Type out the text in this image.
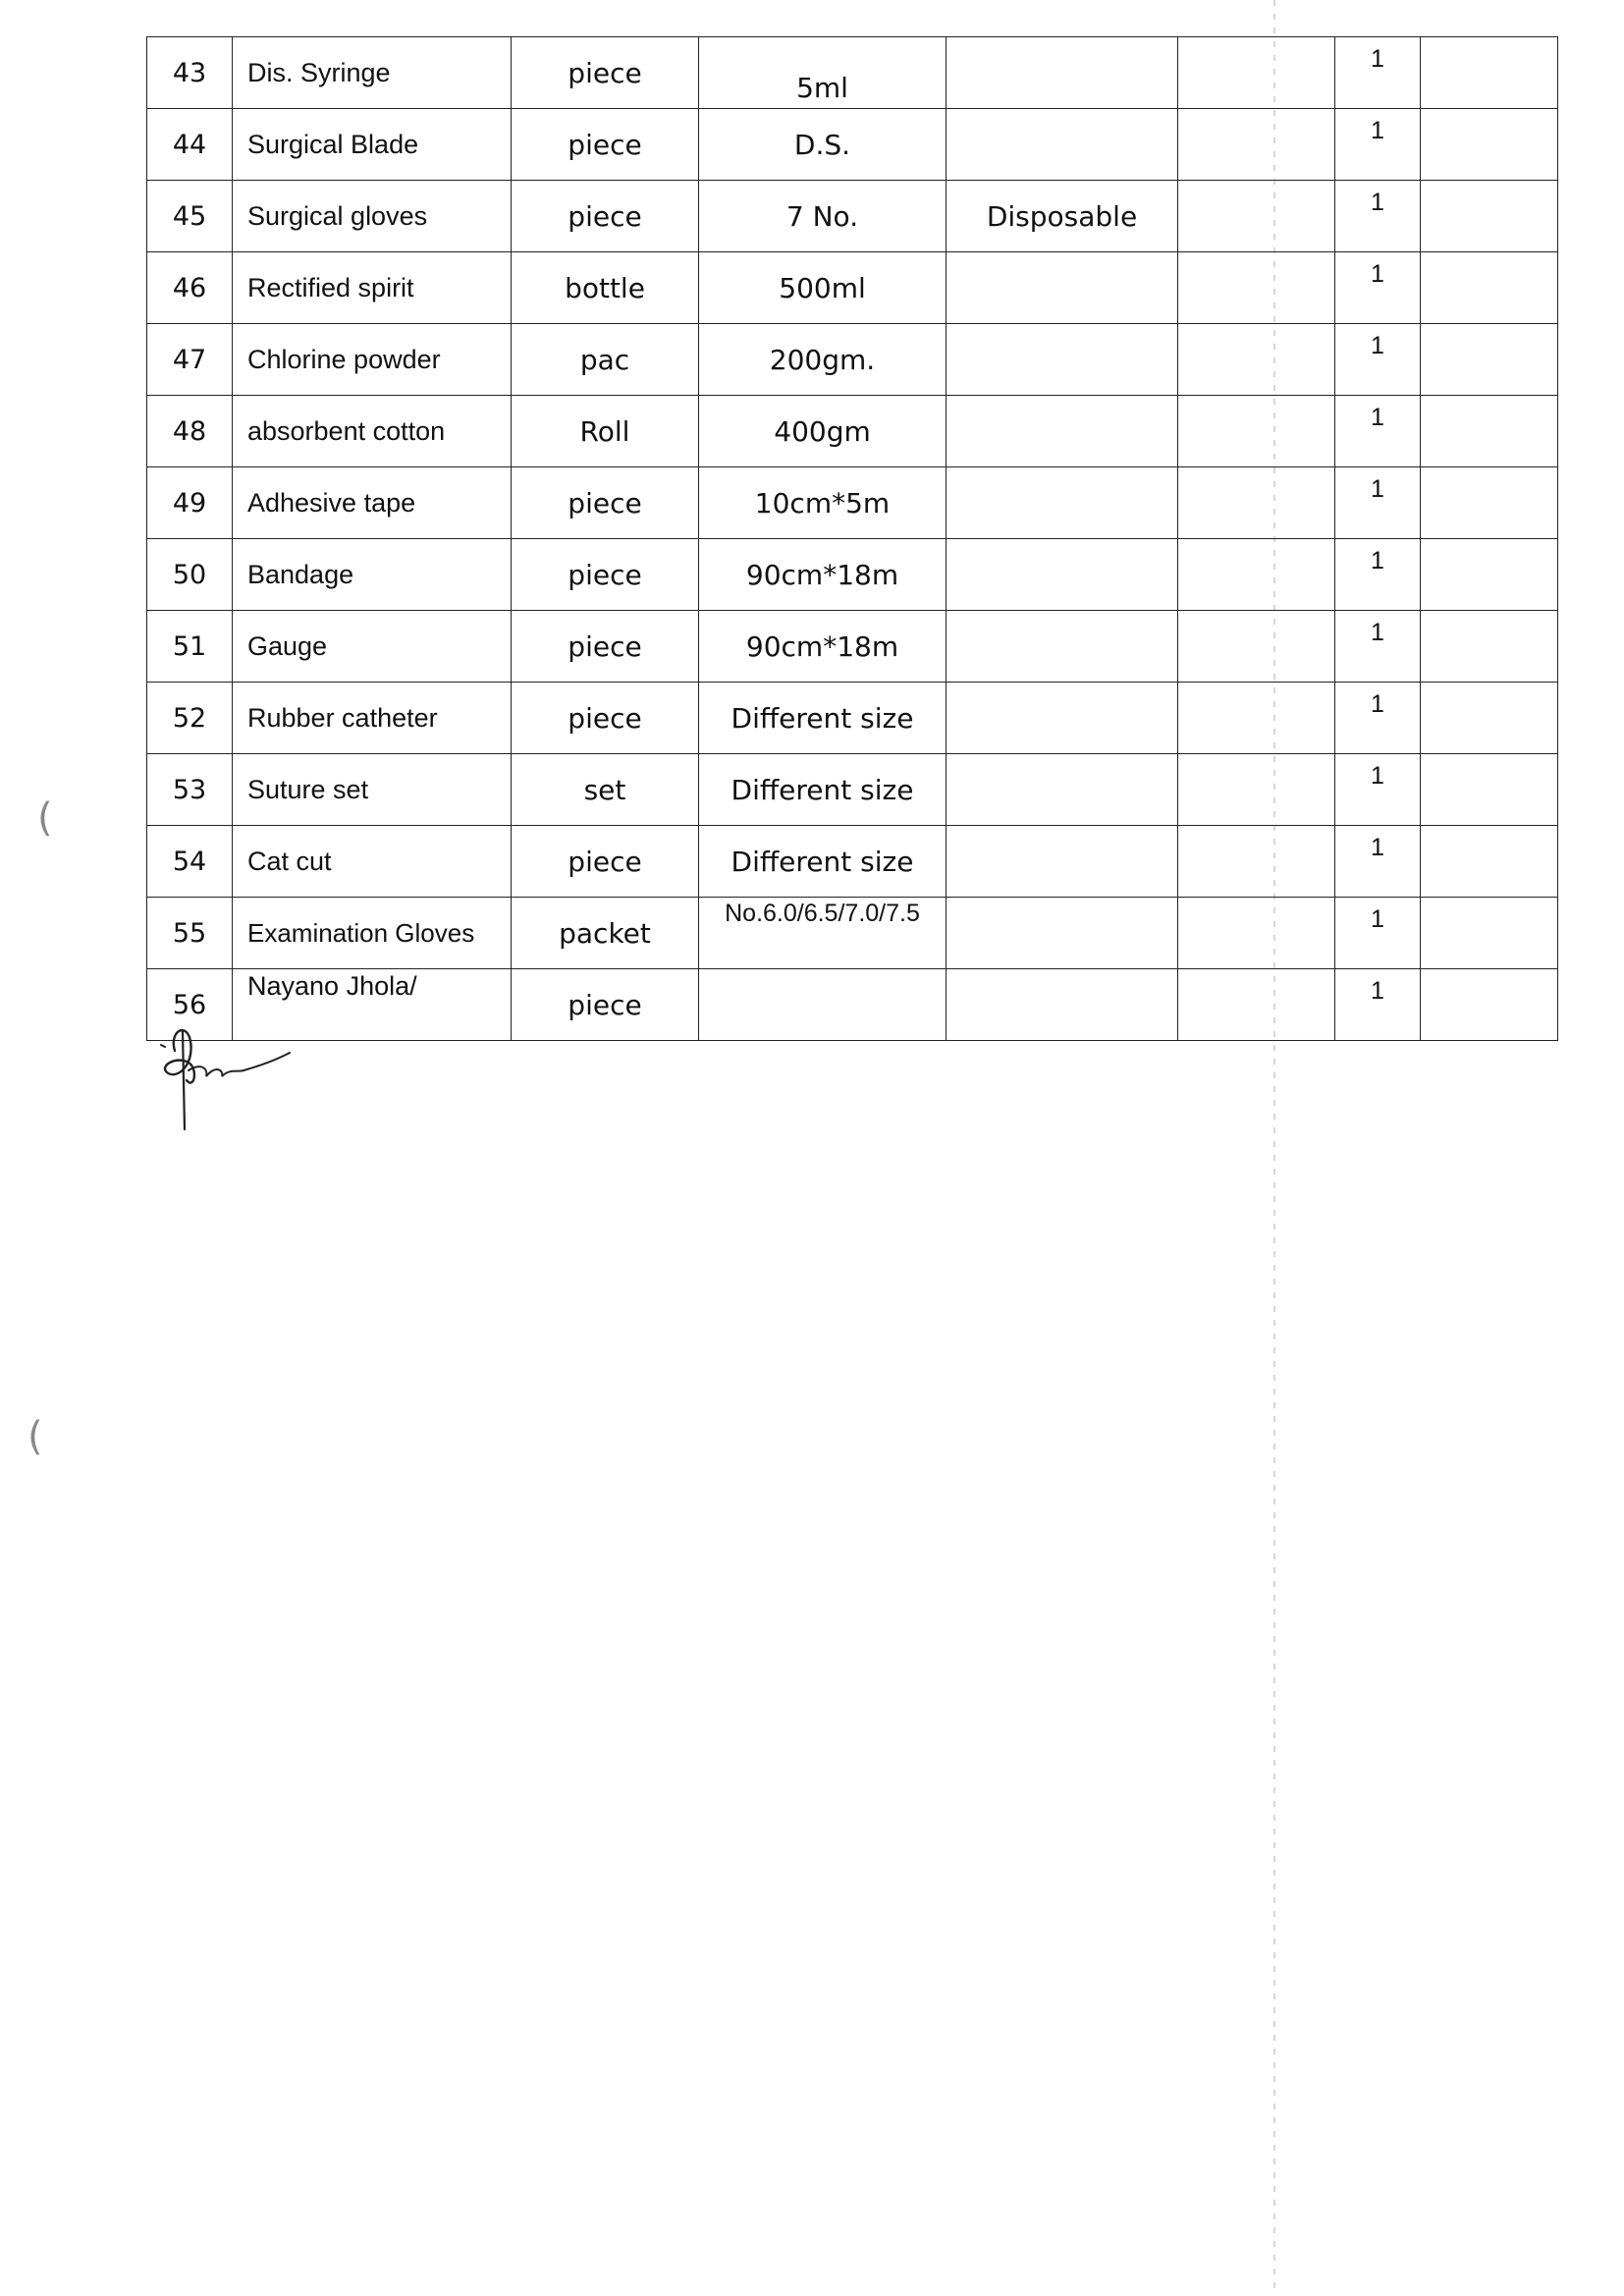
43	Dis. Syringe	piece	5ml			1	
44	Surgical Blade	piece	D.S.			1	
45	Surgical gloves	piece	7 No.	Disposable		1	
46	Rectified spirit	bottle	500ml			1	
47	Chlorine powder	pac	200gm.			1	
48	absorbent cotton	Roll	400gm			1	
49	Adhesive tape	piece	10cm*5m			1	
50	Bandage	piece	90cm*18m			1	
51	Gauge	piece	90cm*18m			1	
52	Rubber catheter	piece	Different size			1	
53	Suture set	set	Different size			1	
54	Cat cut	piece	Different size			1	
55	Examination Gloves	packet	No.6.0/6.5/7.0/7.5			1	
56	Nayano Jhola/	piece				1	
(
(
